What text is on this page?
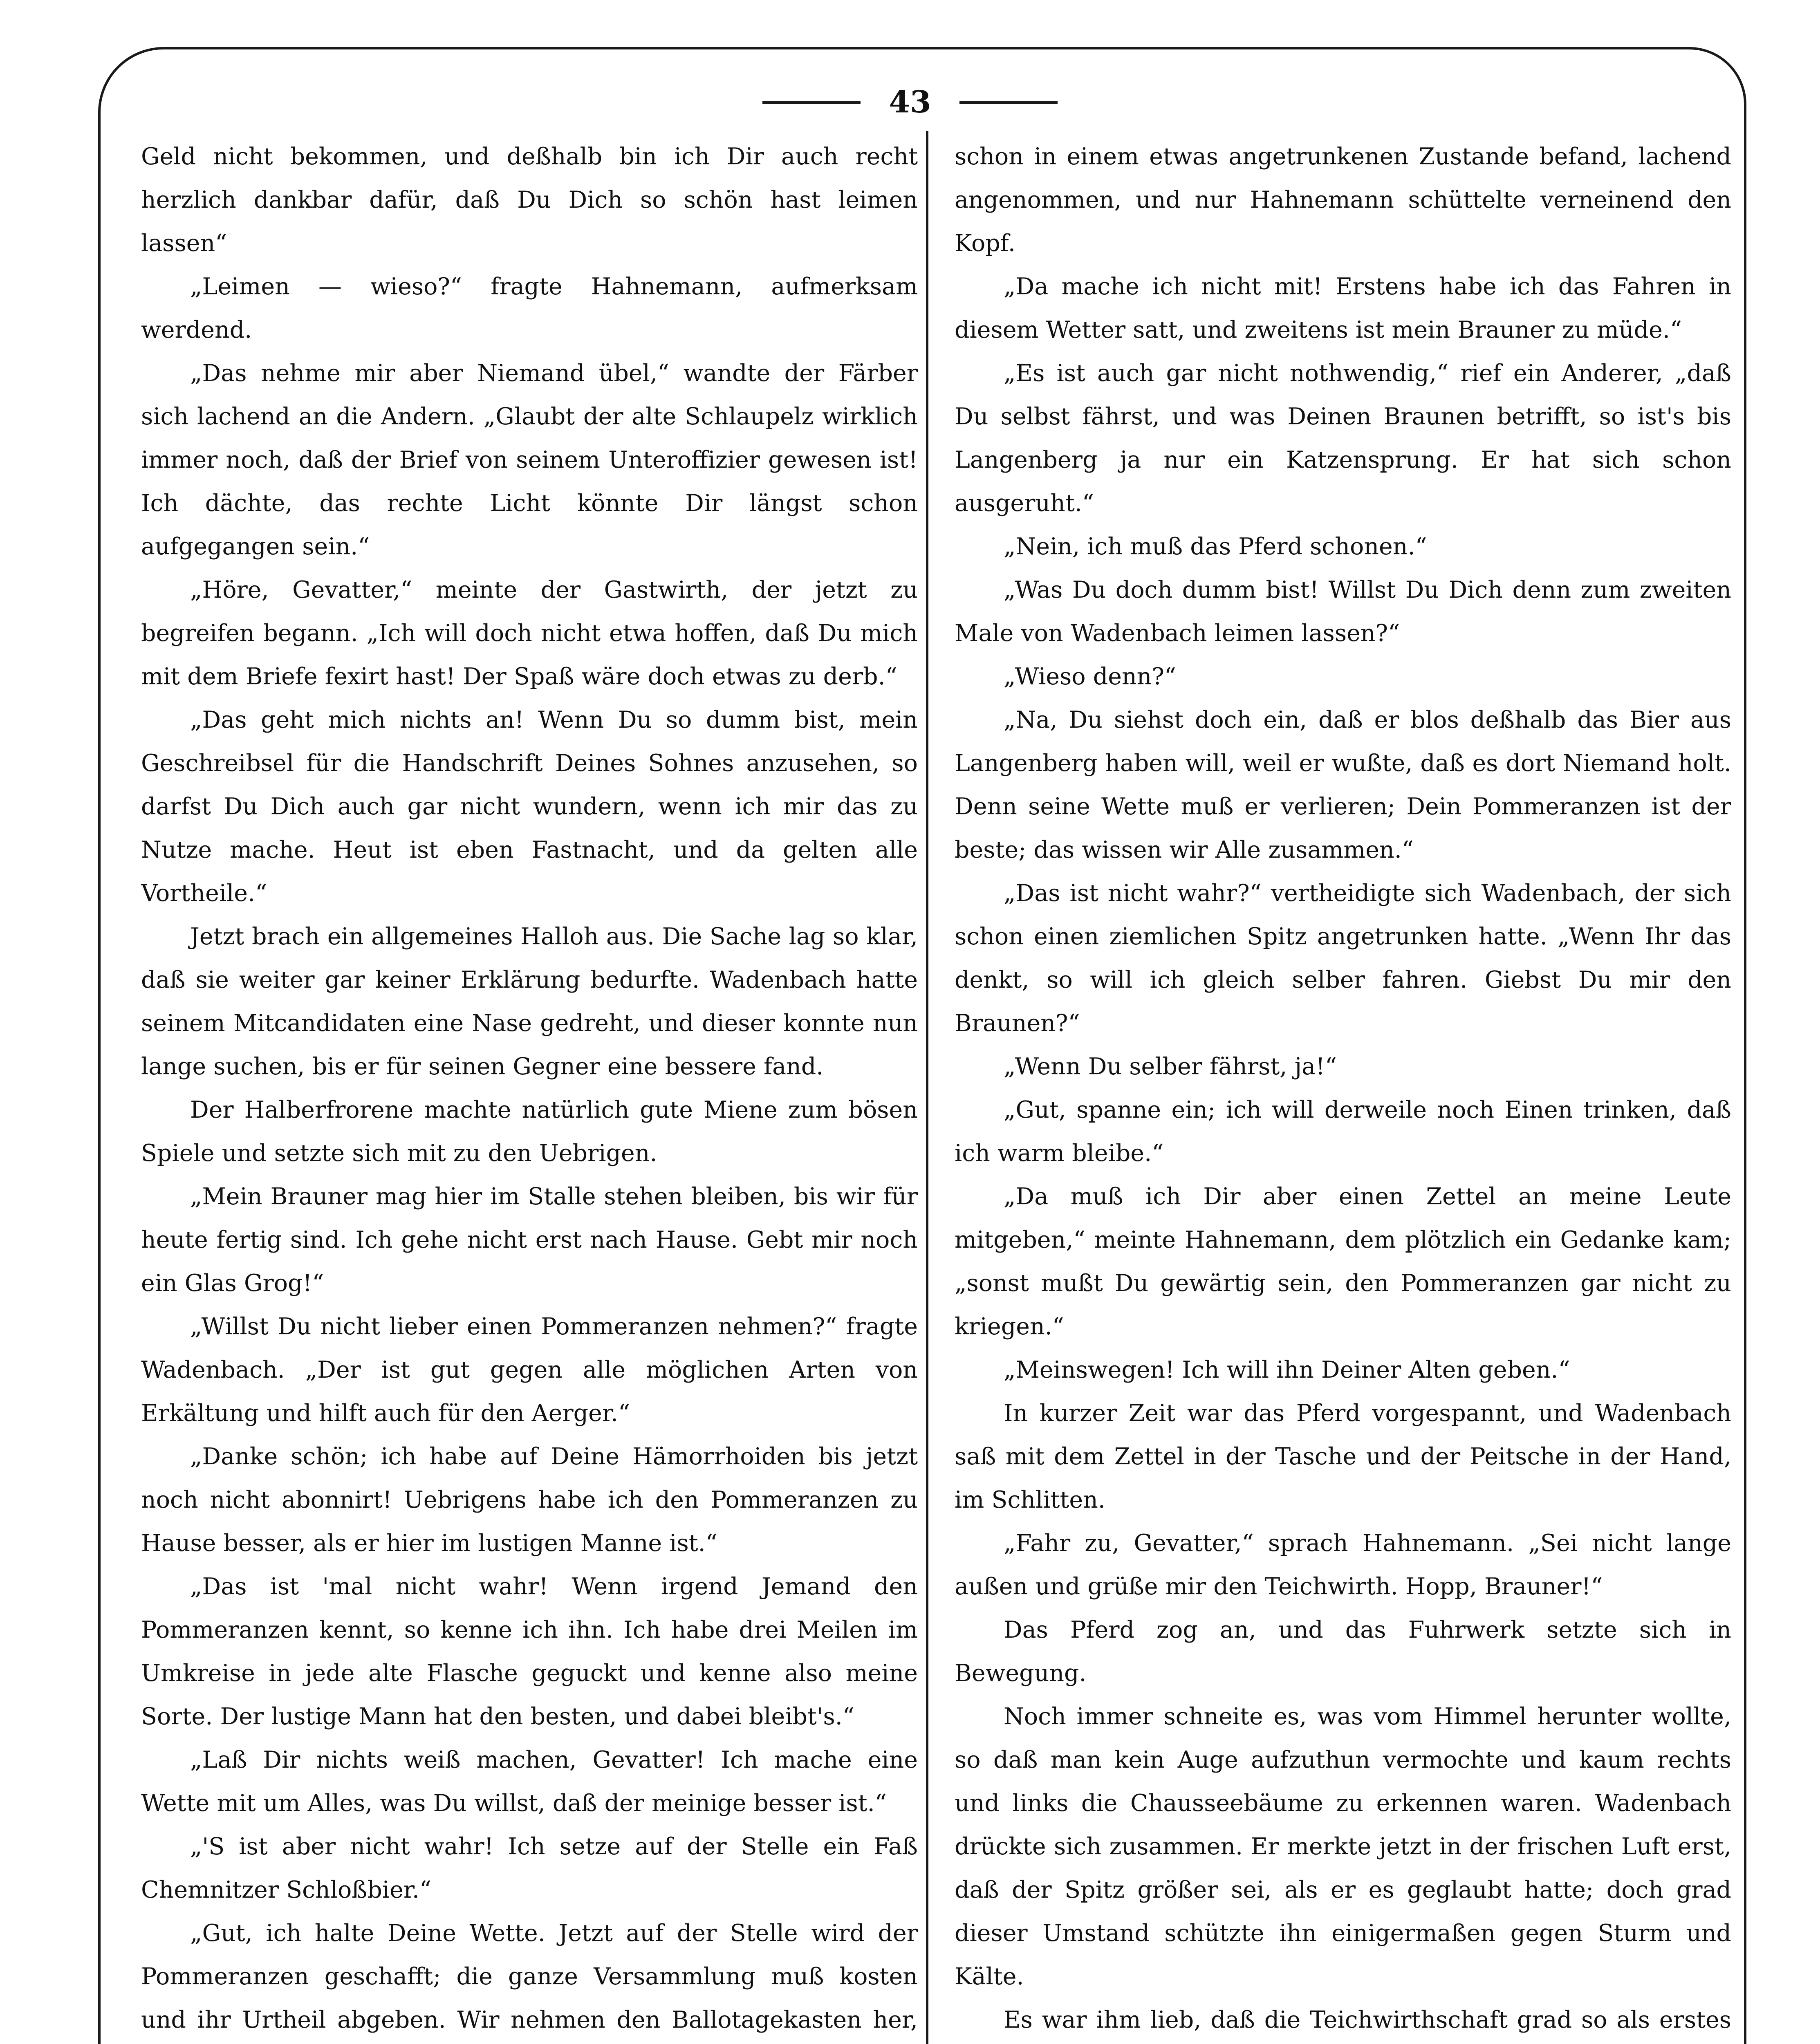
43

Geld nicht bekommen, und deßhalb bin ich Dir auch recht herzlich dankbar dafür, daß Du Dich so schön hast leimen lassen“

„Leimen — wieso?“ fragte Hahnemann, aufmerksam werdend.

„Das nehme mir aber Niemand übel,“ wandte der Färber sich lachend an die Andern. „Glaubt der alte Schlaupelz wirklich immer noch, daß der Brief von seinem Unteroffizier gewesen ist! Ich dächte, das rechte Licht könnte Dir längst schon aufgegangen sein.“

„Höre, Gevatter,“ meinte der Gastwirth, der jetzt zu begreifen begann. „Ich will doch nicht etwa hoffen, daß Du mich mit dem Briefe fexirt hast! Der Spaß wäre doch etwas zu derb.“

„Das geht mich nichts an! Wenn Du so dumm bist, mein Geschreibsel für die Handschrift Deines Sohnes anzusehen, so darfst Du Dich auch gar nicht wundern, wenn ich mir das zu Nutze mache. Heut ist eben Fastnacht, und da gelten alle Vortheile.“

Jetzt brach ein allgemeines Halloh aus. Die Sache lag so klar, daß sie weiter gar keiner Erklärung bedurfte. Wadenbach hatte seinem Mitcandidaten eine Nase gedreht, und dieser konnte nun lange suchen, bis er für seinen Gegner eine bessere fand.

Der Halberfrorene machte natürlich gute Miene zum bösen Spiele und setzte sich mit zu den Uebrigen.

„Mein Brauner mag hier im Stalle stehen bleiben, bis wir für heute fertig sind. Ich gehe nicht erst nach Hause. Gebt mir noch ein Glas Grog!“

„Willst Du nicht lieber einen Pommeranzen nehmen?“ fragte Wadenbach. „Der ist gut gegen alle möglichen Arten von Erkältung und hilft auch für den Aerger.“

„Danke schön; ich habe auf Deine Hämorrhoiden bis jetzt noch nicht abonnirt! Uebrigens habe ich den Pommeranzen zu Hause besser, als er hier im lustigen Manne ist.“

„Das ist 'mal nicht wahr! Wenn irgend Jemand den Pommeranzen kennt, so kenne ich ihn. Ich habe drei Meilen im Umkreise in jede alte Flasche geguckt und kenne also meine Sorte. Der lustige Mann hat den besten, und dabei bleibt's.“

„Laß Dir nichts weiß machen, Gevatter! Ich mache eine Wette mit um Alles, was Du willst, daß der meinige besser ist.“

„'S ist aber nicht wahr! Ich setze auf der Stelle ein Faß Chemnitzer Schloßbier.“

„Gut, ich halte Deine Wette. Jetzt auf der Stelle wird der Pommeranzen geschafft; die ganze Versammlung muß kosten und ihr Urtheil abgeben. Wir nehmen den Ballotagekasten her,

schon in einem etwas angetrunkenen Zustande befand, lachend angenommen, und nur Hahnemann schüttelte verneinend den Kopf.

„Da mache ich nicht mit! Erstens habe ich das Fahren in diesem Wetter satt, und zweitens ist mein Brauner zu müde.“

„Es ist auch gar nicht nothwendig,“ rief ein Anderer, „daß Du selbst fährst, und was Deinen Braunen betrifft, so ist's bis Langenberg ja nur ein Katzensprung. Er hat sich schon ausgeruht.“

„Nein, ich muß das Pferd schonen.“

„Was Du doch dumm bist! Willst Du Dich denn zum zweiten Male von Wadenbach leimen lassen?“

„Wieso denn?“

„Na, Du siehst doch ein, daß er blos deßhalb das Bier aus Langenberg haben will, weil er wußte, daß es dort Niemand holt. Denn seine Wette muß er verlieren; Dein Pommeranzen ist der beste; das wissen wir Alle zusammen.“

„Das ist nicht wahr?“ vertheidigte sich Wadenbach, der sich schon einen ziemlichen Spitz angetrunken hatte. „Wenn Ihr das denkt, so will ich gleich selber fahren. Giebst Du mir den Braunen?“

„Wenn Du selber fährst, ja!“

„Gut, spanne ein; ich will derweile noch Einen trinken, daß ich warm bleibe.“

„Da muß ich Dir aber einen Zettel an meine Leute mitgeben,“ meinte Hahnemann, dem plötzlich ein Gedanke kam; „sonst mußt Du gewärtig sein, den Pommeranzen gar nicht zu kriegen.“

„Meinswegen! Ich will ihn Deiner Alten geben.“

In kurzer Zeit war das Pferd vorgespannt, und Wadenbach saß mit dem Zettel in der Tasche und der Peitsche in der Hand, im Schlitten.

„Fahr zu, Gevatter,“ sprach Hahnemann. „Sei nicht lange außen und grüße mir den Teichwirth. Hopp, Brauner!“

Das Pferd zog an, und das Fuhrwerk setzte sich in Bewegung.

Noch immer schneite es, was vom Himmel herunter wollte, so daß man kein Auge aufzuthun vermochte und kaum rechts und links die Chausseebäume zu erkennen waren. Wadenbach drückte sich zusammen. Er merkte jetzt in der frischen Luft erst, daß der Spitz größer sei, als er es geglaubt hatte; doch grad dieser Umstand schützte ihn einigermaßen gegen Sturm und Kälte.

Es war ihm lieb, daß die Teichwirthschaft grad so als erstes
